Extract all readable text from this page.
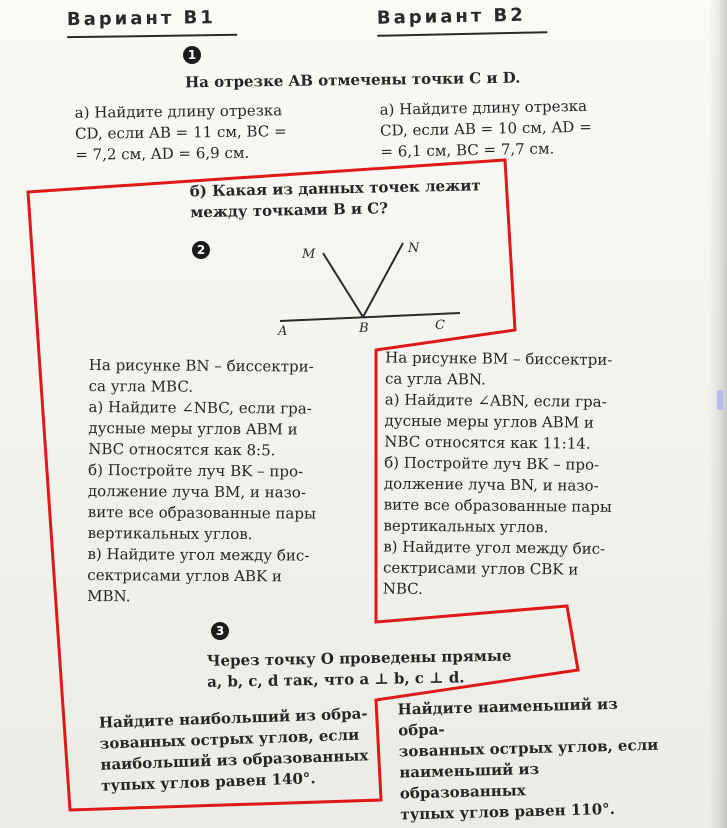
Вариант В1	Вариант В2
1
На отрезке AB отмечены точки C и D.
а) Найдите длину отрезка
CD, если AB = 11 см, BC =
= 7,2 см, AD = 6,9 см.
а) Найдите длину отрезка
CD, если AB = 10 см, AD =
= 6,1 см, BC = 7,7 см.
б) Какая из данных точек лежит
между точками B и C?
2	M	N
A	B	C
На рисунке BN – биссектри-
са угла MBC.
а) Найдите ∠NBC, если гра-
дусные меры углов ABM и
NBC относятся как 8:5.
б) Постройте луч BK – про-
должение луча BM, и назо-
вите все образованные пары
вертикальных углов.
в) Найдите угол между бис-
сектрисами углов ABK и
MBN.
На рисунке BM – биссектри-
са угла ABN.
а) Найдите ∠ABN, если гра-
дусные меры углов ABM и
NBC относятся как 11:14.
б) Постройте луч BK – про-
должение луча BN, и назо-
вите все образованные пары
вертикальных углов.
в) Найдите угол между бис-
сектрисами углов CBK и
NBC.
3
Через точку O проведены прямые
a, b, c, d так, что a ⊥ b, c ⊥ d.
Найдите наибольший из обра-
зованных острых углов, если
наибольший из образованных
тупых углов равен 140°.
Найдите наименьший из обра-
зованных острых углов, если
наименьший из образованных
тупых углов равен 110°.
